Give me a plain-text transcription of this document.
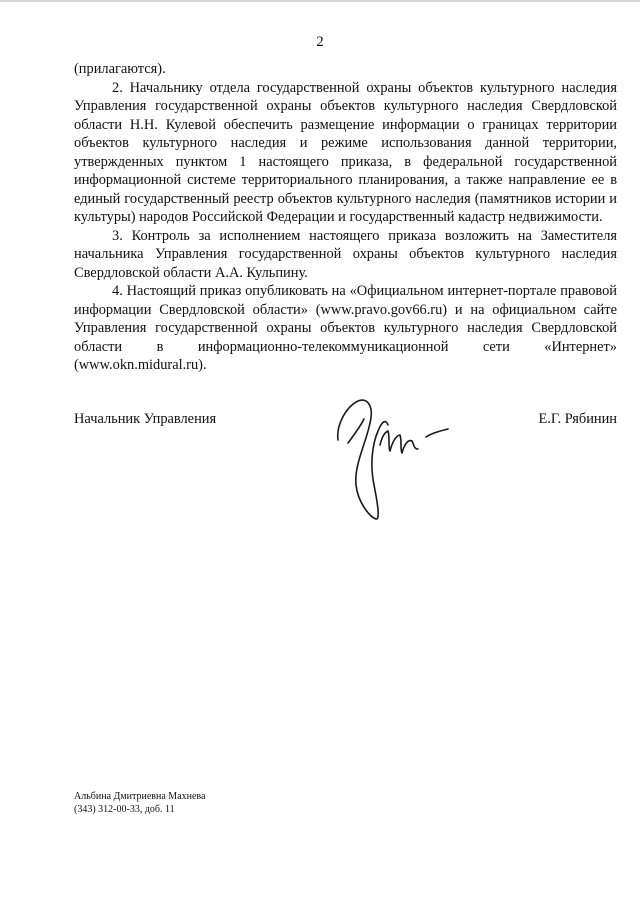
2

(прилагаются).

2. Начальнику отдела государственной охраны объектов культурного наследия Управления государственной охраны объектов культурного наследия Свердловской области Н.Н. Кулевой обеспечить размещение информации о границах территории объектов культурного наследия и режиме использования данной территории, утвержденных пунктом 1 настоящего приказа, в федеральной государственной информационной системе территориального планирования, а также направление ее в единый государственный реестр объектов культурного наследия (памятников истории и культуры) народов Российской Федерации и государственный кадастр недвижимости.

3. Контроль за исполнением настоящего приказа возложить на Заместителя начальника Управления государственной охраны объектов культурного наследия Свердловской области А.А. Кульпину.

4. Настоящий приказ опубликовать на «Официальном интернет-портале правовой информации Свердловской области» (www.pravo.gov66.ru) и на официальном сайте Управления государственной охраны объектов культурного наследия Свердловской области в информационно-телекоммуникационной сети «Интернет» (www.okn.midural.ru).

Начальник Управления	Е.Г. Рябинин
Альбина Дмитриевна Махнева
(343) 312-00-33, доб. 11
